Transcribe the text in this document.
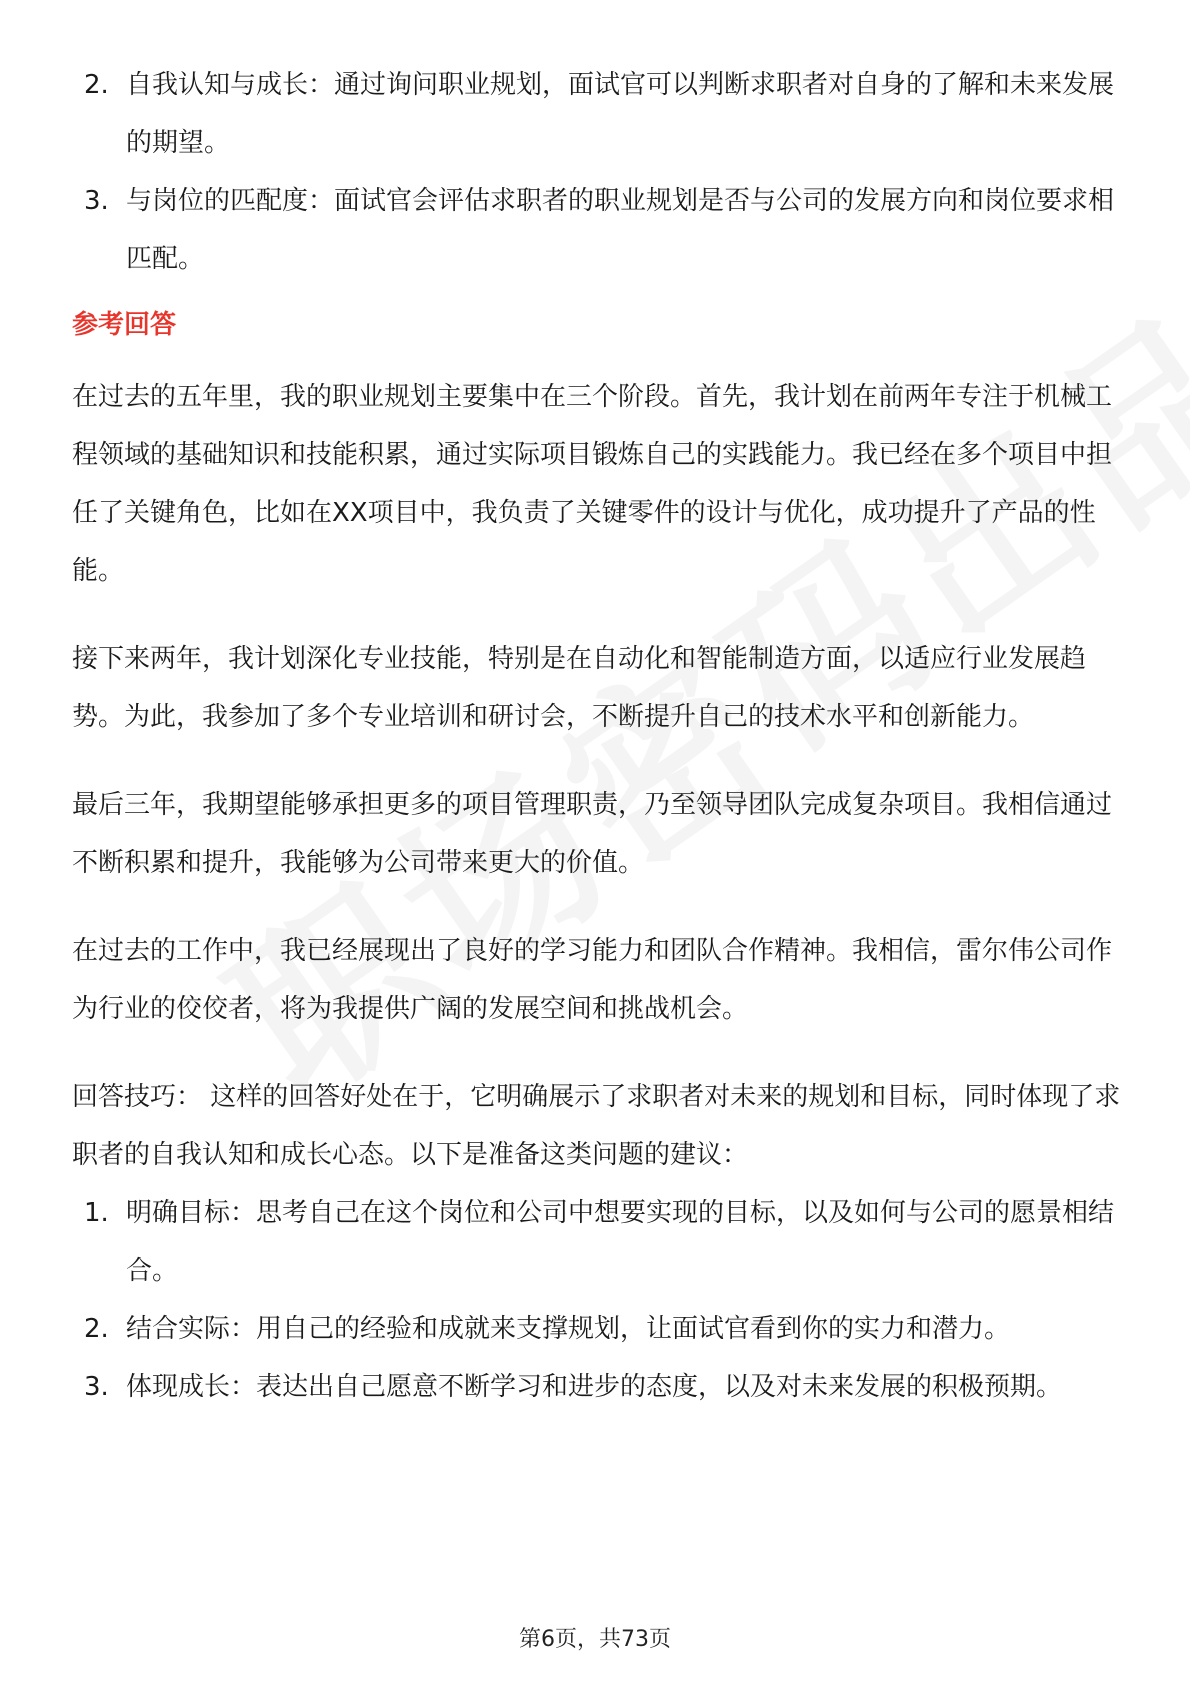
2. 自我认知与成长：通过询问职业规划，面试官可以判断求职者对自身的了解和未来发展的期望。
3. 与岗位的匹配度：面试官会评估求职者的职业规划是否与公司的发展方向和岗位要求相匹配。
参考回答

在过去的五年里，我的职业规划主要集中在三个阶段。首先，我计划在前两年专注于机械工程领域的基础知识和技能积累，通过实际项目锻炼自己的实践能力。我已经在多个项目中担任了关键角色，比如在XX项目中，我负责了关键零件的设计与优化，成功提升了产品的性能。

接下来两年，我计划深化专业技能，特别是在自动化和智能制造方面，以适应行业发展趋势。为此，我参加了多个专业培训和研讨会，不断提升自己的技术水平和创新能力。

最后三年，我期望能够承担更多的项目管理职责，乃至领导团队完成复杂项目。我相信通过不断积累和提升，我能够为公司带来更大的价值。

在过去的工作中，我已经展现出了良好的学习能力和团队合作精神。我相信，雷尔伟公司作为行业的佼佼者，将为我提供广阔的发展空间和挑战机会。

回答技巧： 这样的回答好处在于，它明确展示了求职者对未来的规划和目标，同时体现了求职者的自我认知和成长心态。以下是准备这类问题的建议：

1. 明确目标：思考自己在这个岗位和公司中想要实现的目标，以及如何与公司的愿景相结合。
2. 结合实际：用自己的经验和成就来支撑规划，让面试官看到你的实力和潜力。
3. 体现成长：表达出自己愿意不断学习和进步的态度，以及对未来发展的积极预期。
第6页，共73页
